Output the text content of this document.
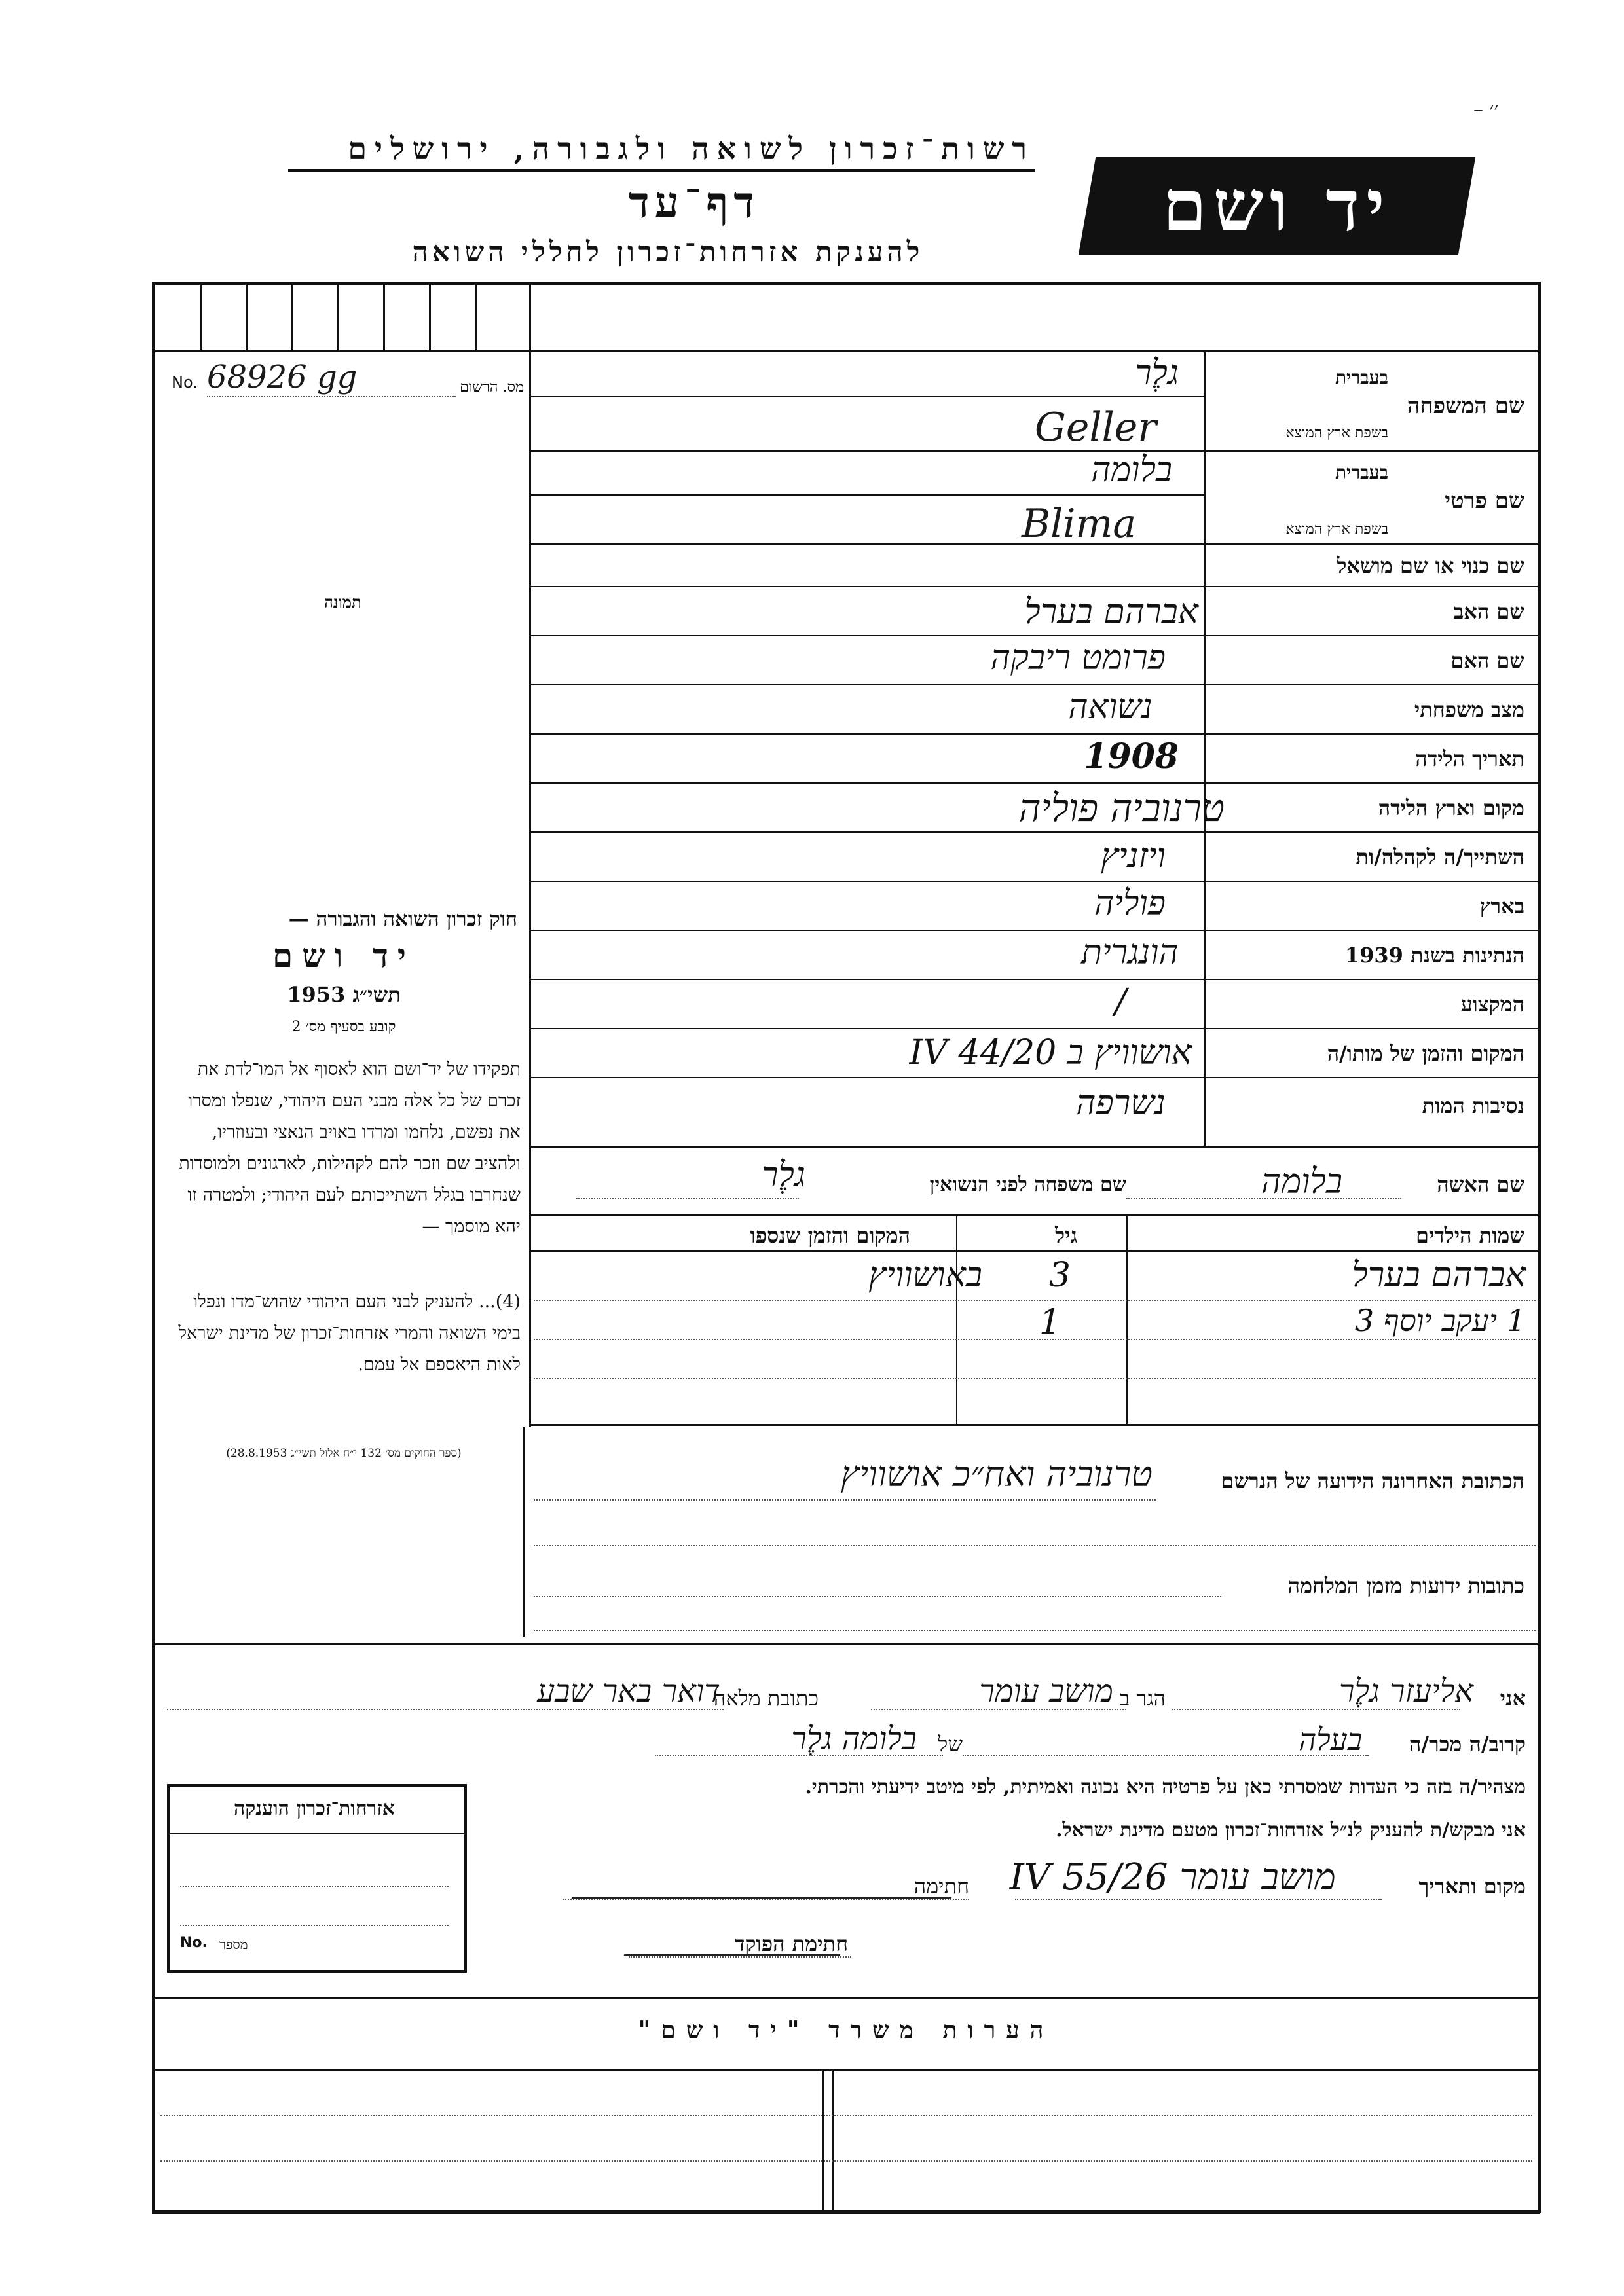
– ׳׳
רשות־זכרון לשואה ולגבורה, ירושלים
דף־עד
להענקת אזרחות־זכרון לחללי השואה
יד ושם
No. 68926 gg	מס. הרשום
תמונה
שם המשפחה
בעברית
בשפת ארץ המוצא
שם פרטי
בעברית
בשפת ארץ המוצא
שם כנוי או שם מושאל
שם האב
שם האם
מצב משפחתי
תאריך הלידה
מקום וארץ הלידה
השתייך/ה לקהלה/ות
בארץ
הנתינות בשנת 1939
המקצוע
המקום והזמן של מותו/ה
נסיבות המות
גלֶר
Geller
בלומה
Blima
אברהם בערל
פרומט ריבקה
נשואה
1908
טרנוביה פוליה
ויזניץ
פוליה
הונגרית
/
אושוויץ ב 20/IV 44
נשרפה
חוק זכרון השואה והגבורה —
יד ושם
תשי״ג 1953
קובע בסעיף מס׳ 2
תפקידו של יד־ושם הוא לאסוף אל המו־לדת את זכרם של כל אלה מבני העם היהודי, שנפלו ומסרו את נפשם, נלחמו ומרדו באויב הנאצי ובעוזריו, ולהציב שם וזכר להם לקהילות, לארגונים ולמוסדות שנחרבו בגלל השתייכותם לעם היהודי; ולמטרה זו יהא מוסמך —
(4)... להעניק לבני העם היהודי שהוש־מדו ונפלו בימי השואה והמרי אזרחות־זכרון של מדינת ישראל לאות היאספם אל עמם.
(ספר החוקים מס׳ 132 י״ח אלול תשי״ג 28.8.1953)
שם האשה
שם משפחה לפני הנשואין	בלומה
גלֶר
שמות הילדים
גיל
המקום והזמן שנספו
אברהם בערל
3
באושוויץ
1 יעקב יוסף 3
1
הכתובת האחרונה הידועה של הנרשם
טרנוביה ואח״כ אושוויץ
כתובות ידועות מזמן המלחמה
אני
אליעזר גלֶר
הגר ב
מושב עומר
כתובת מלאה
דואר באר שבע
קרוב/ה מכר/ה
בעלה
של
בלומה גלֶר
מצהיר/ה בזה כי העדות שמסרתי כאן על פרטיה היא נכונה ואמיתית, לפי מיטב ידיעתי והכרתי.
אני מבקש/ת להעניק לנ״ל אזרחות־זכרון מטעם מדינת ישראל.
מקום ותאריך
מושב עומר 26/IV 55
חתימה
חתימת הפוקד
אזרחות־זכרון הוענקה
No. מספר
הערות משרד "יד ושם"
